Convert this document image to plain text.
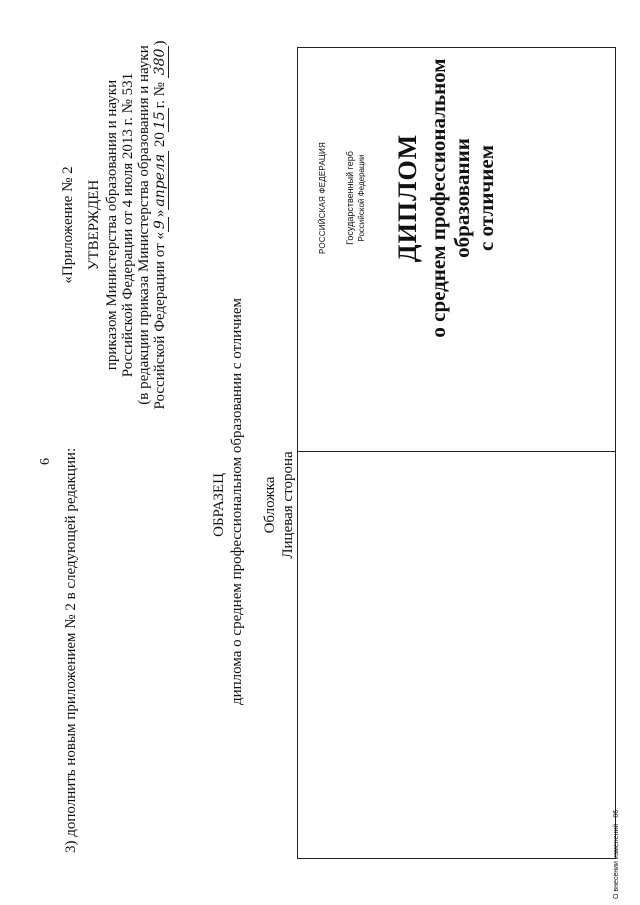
6 3) дополнить новым приложением № 2 в следующей редакции:
«Приложение № 2 УТВЕРЖДЕН приказом Министерства образования и науки Российской Федерации от 4 июля 2013 г. № 531 (в редакции приказа Министерства образования и науки Российской Федерации от «9»апреля 2015г. № 380)
ОБРАЗЕЦ диплома о среднем профессиональном образовании с отличием Обложка Лицевая сторона
РОССИЙСКАЯ ФЕДЕРАЦИЯ Государственный герб Российской Федерации ДИПЛОМ о среднем профессиональном образовании с отличием
О внесении изменений - 06
